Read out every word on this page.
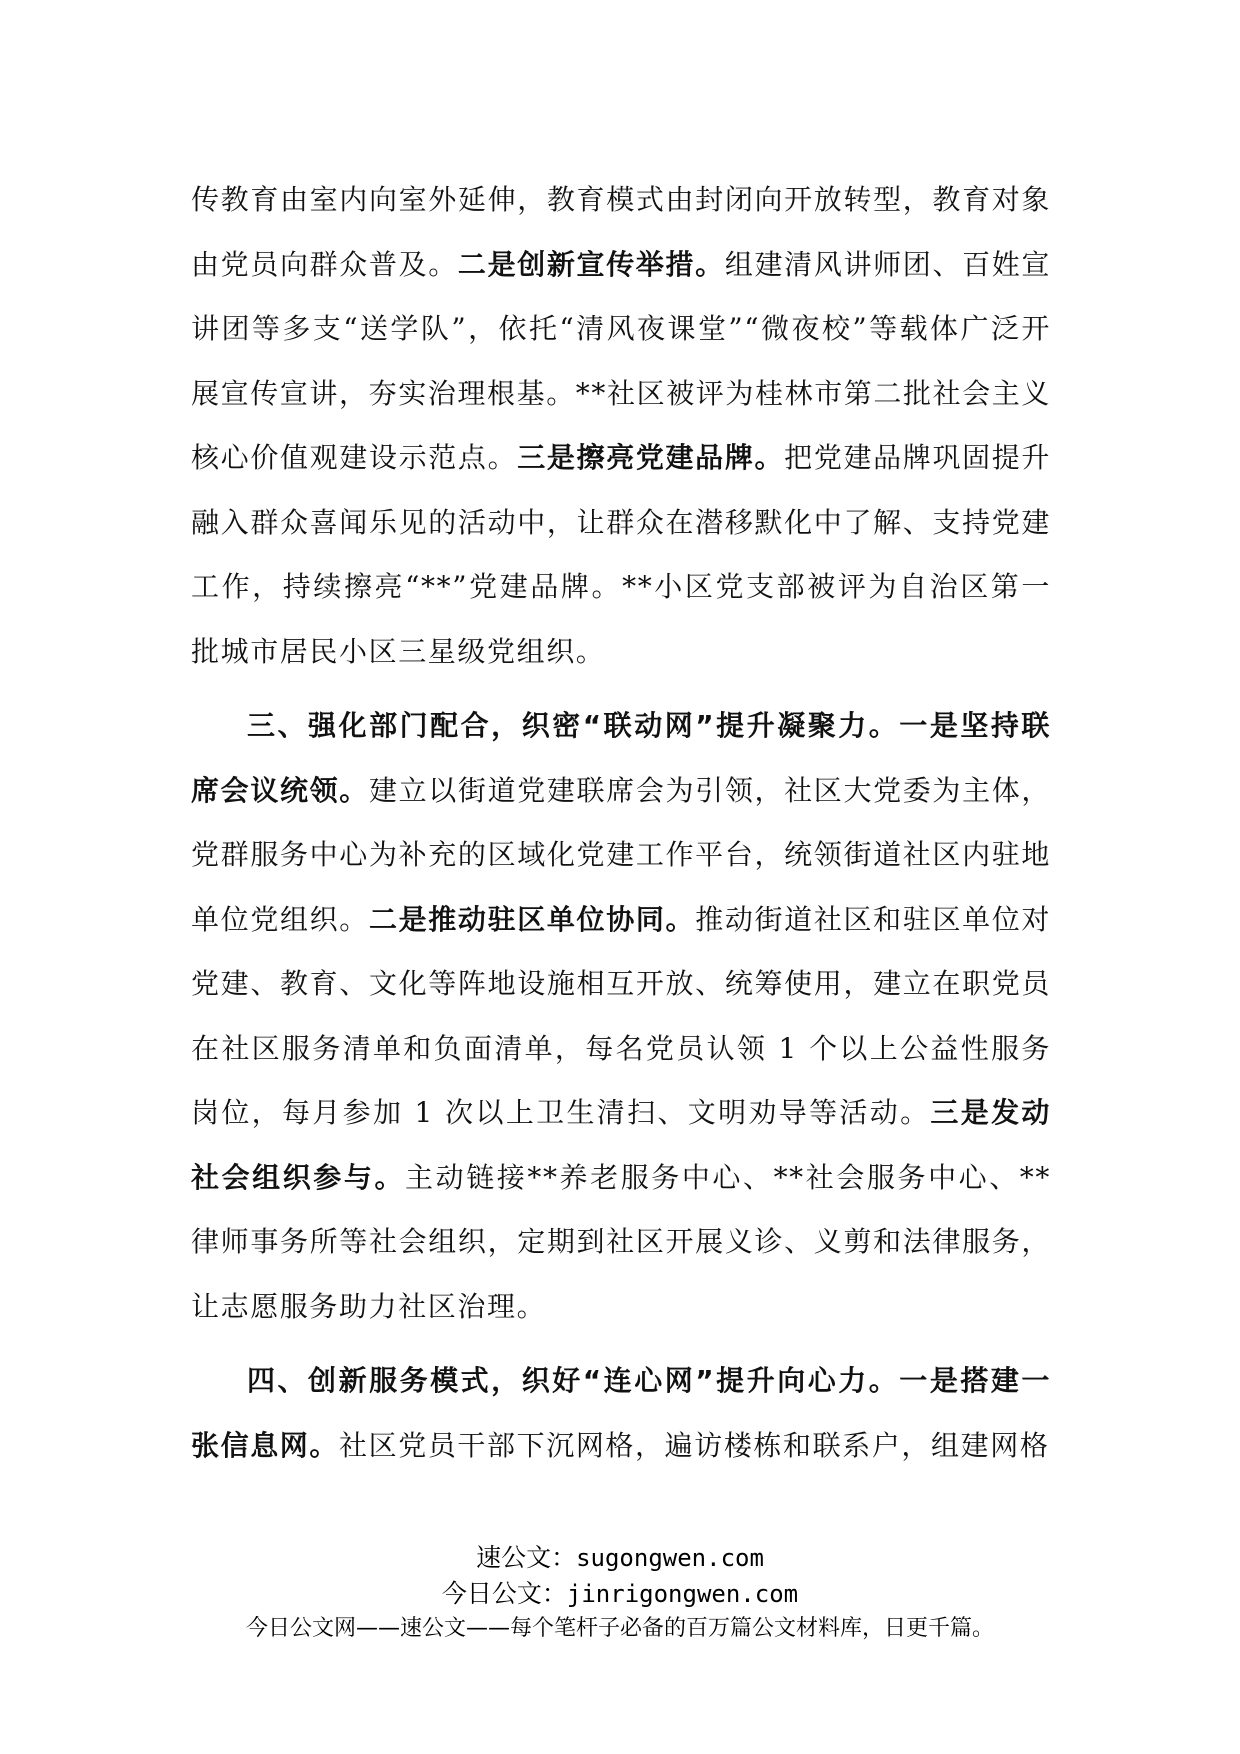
传教育由室内向室外延伸，教育模式由封闭向开放转型，教育对象由党员向群众普及。二是创新宣传举措。组建清风讲师团、百姓宣讲团等多支“送学队”，依托“清风夜课堂”“微夜校”等载体广泛开展宣传宣讲，夯实治理根基。**社区被评为桂林市第二批社会主义核心价值观建设示范点。三是擦亮党建品牌。把党建品牌巩固提升融入群众喜闻乐见的活动中，让群众在潜移默化中了解、支持党建工作，持续擦亮“**”党建品牌。**小区党支部被评为自治区第一批城市居民小区三星级党组织。

三、强化部门配合，织密“联动网”提升凝聚力。一是坚持联席会议统领。建立以街道党建联席会为引领，社区大党委为主体，党群服务中心为补充的区域化党建工作平台，统领街道社区内驻地单位党组织。二是推动驻区单位协同。推动街道社区和驻区单位对党建、教育、文化等阵地设施相互开放、统筹使用，建立在职党员在社区服务清单和负面清单，每名党员认领 1 个以上公益性服务岗位，每月参加 1 次以上卫生清扫、文明劝导等活动。三是发动社会组织参与。主动链接**养老服务中心、**社会服务中心、**律师事务所等社会组织，定期到社区开展义诊、义剪和法律服务，让志愿服务助力社区治理。

四、创新服务模式，织好“连心网”提升向心力。一是搭建一张信息网。社区党员干部下沉网格，遍访楼栋和联系户，组建网格

速公文：sugongwen.com
今日公文：jinrigongwen.com
今日公文网——速公文——每个笔杆子必备的百万篇公文材料库，日更千篇。
